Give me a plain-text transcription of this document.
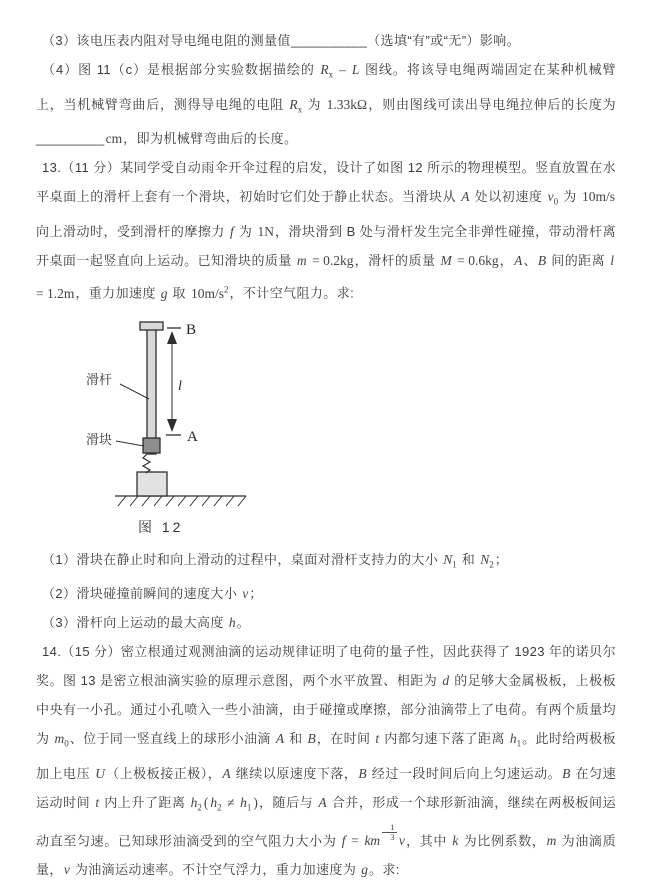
（3）该电压表内阻对导电绳电阻的测量值__________（选填“有”或“无”）影响。

（4）图 11（c）是根据部分实验数据描绘的 $R_x$ – L 图线。将该导电绳两端固定在某种机械臂上，当机械臂弯曲后，测得导电绳的电阻 $R_x$ 为 1.33kΩ，则由图线可读出导电绳拉伸后的长度为_________cm，即为机械臂弯曲后的长度。

13.（11 分）某同学受自动雨伞开伞过程的启发，设计了如图 12 所示的物理模型。竖直放置在水平桌面上的滑杆上套有一个滑块，初始时它们处于静止状态。当滑块从 A 处以初速度 $v_0$ 为 10m/s 向上滑动时，受到滑杆的摩擦力 f 为 1N，滑块滑到 B 处与滑杆发生完全非弹性碰撞，带动滑杆离开桌面一起竖直向上运动。已知滑块的质量 m = 0.2kg，滑杆的质量 M = 0.6kg，A、B 间的距离 l = 1.2m，重力加速度 g 取 $10m/s^2$，不计空气阻力。求:

B
A
l
滑杆
滑块
图 12

（1）滑块在静止时和向上滑动的过程中，桌面对滑杆支持力的大小 $N_1$ 和 $N_2$；

（2）滑块碰撞前瞬间的速度大小 v；

（3）滑杆向上运动的最大高度 h。

14.（15 分）密立根通过观测油滴的运动规律证明了电荷的量子性，因此获得了 1923 年的诺贝尔奖。图 13 是密立根油滴实验的原理示意图，两个水平放置、相距为 d 的足够大金属极板，上极板中央有一小孔。通过小孔喷入一些小油滴，由于碰撞或摩擦，部分油滴带上了电荷。有两个质量均为 $m_0$、位于同一竖直线上的球形小油滴 A 和 B，在时间 t 内都匀速下落了距离 $h_1$。此时给两极板加上电压 U（上极板接正极），A 继续以原速度下落，B 经过一段时间后向上匀速运动。B 在匀速运动时间 t 内上升了距离 $h_2$ ( $h_2 \ne h_1$ )，随后与 A 合并，形成一个球形新油滴，继续在两极板间运动直至匀速。已知球形油滴受到的空气阻力大小为 f = km $\frac{1}{3}$ v，其中 k 为比例系数，m 为油滴质量，v 为油滴运动速率。不计空气浮力，重力加速度为 g。求:
